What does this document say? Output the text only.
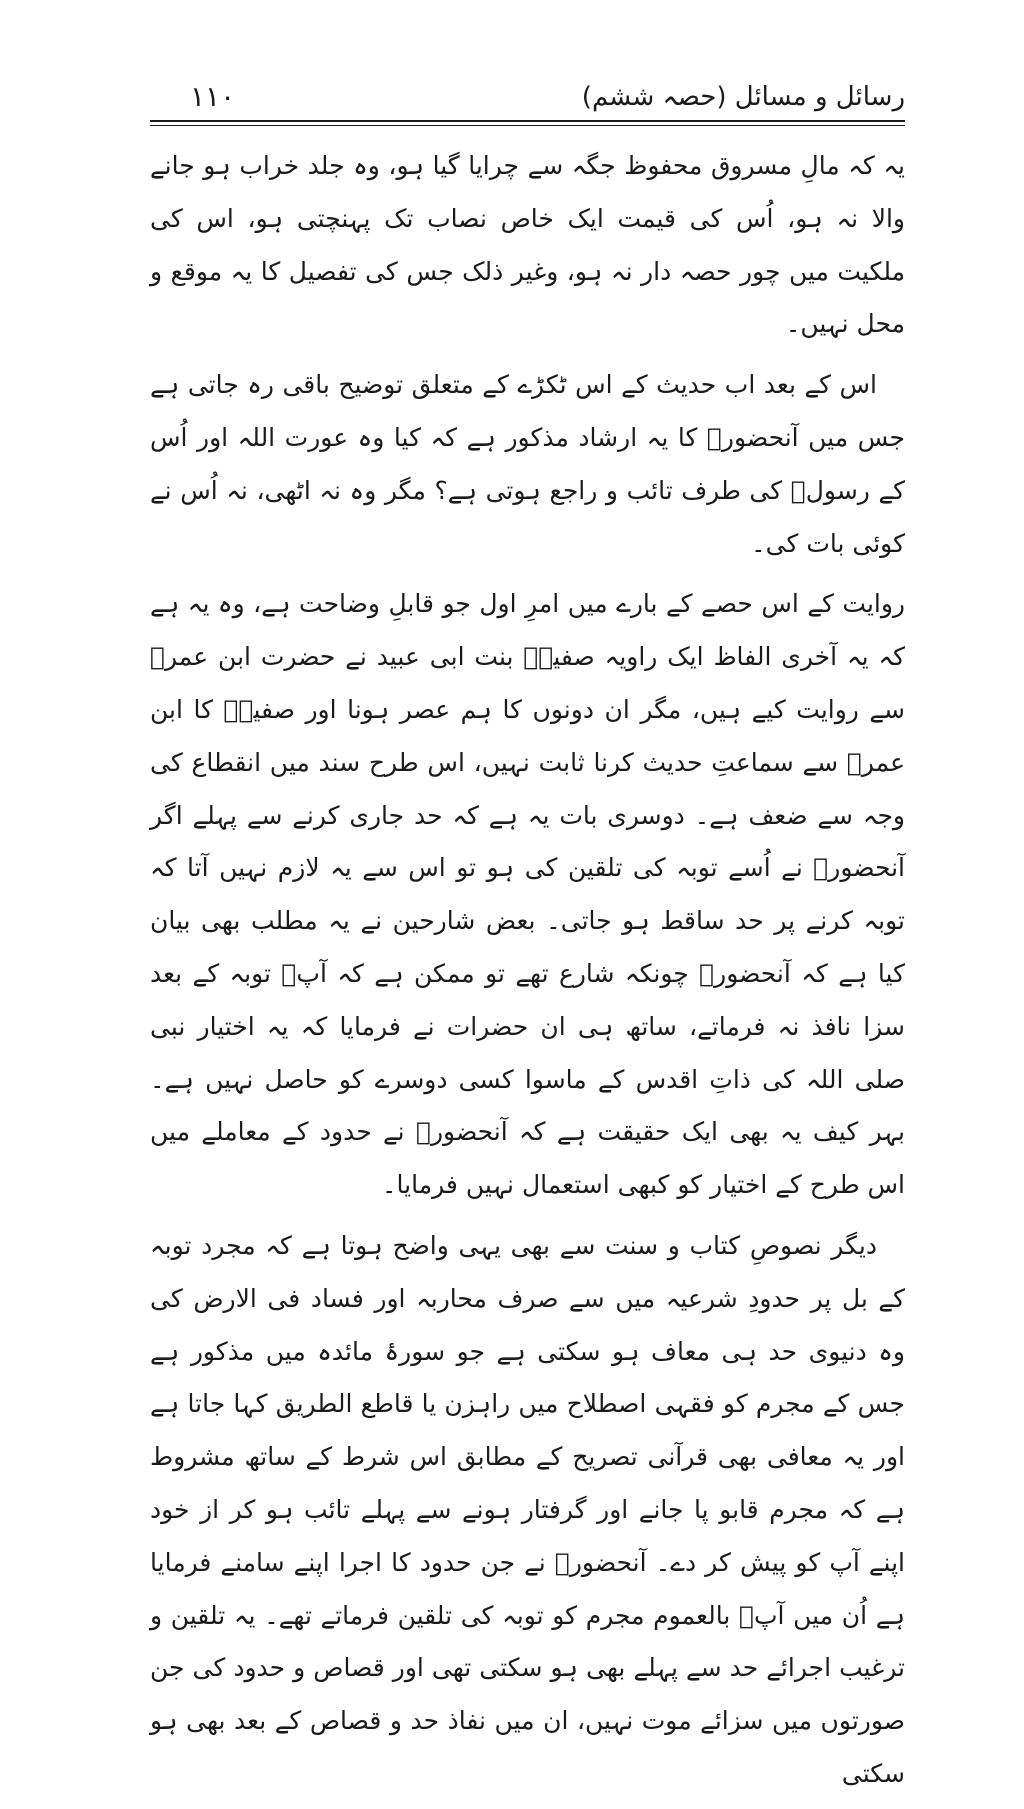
رسائل و مسائل (حصہ ششم)
۱۱۰

یہ کہ مالِ مسروق محفوظ جگہ سے چرایا گیا ہو، وہ جلد خراب ہو جانے والا نہ ہو، اُس کی قیمت ایک خاص نصاب تک پہنچتی ہو، اس کی ملکیت میں چور حصہ دار نہ ہو، وغیر ذلک جس کی تفصیل کا یہ موقع و محل نہیں۔

اس کے بعد اب حدیث کے اس ٹکڑے کے متعلق توضیح باقی رہ جاتی ہے جس میں آنحضورؐ کا یہ ارشاد مذکور ہے کہ کیا وہ عورت اللہ اور اُس کے رسولؐ کی طرف تائب و راجع ہوتی ہے؟ مگر وہ نہ اٹھی، نہ اُس نے کوئی بات کی۔

روایت کے اس حصے کے بارے میں امرِ اول جو قابلِ وضاحت ہے، وہ یہ ہے کہ یہ آخری الفاظ ایک راویہ صفیہؒ بنت ابی عبید نے حضرت ابن عمرؓ سے روایت کیے ہیں، مگر ان دونوں کا ہم عصر ہونا اور صفیہؒ کا ابن عمرؓ سے سماعتِ حدیث کرنا ثابت نہیں، اس طرح سند میں انقطاع کی وجہ سے ضعف ہے۔ دوسری بات یہ ہے کہ حد جاری کرنے سے پہلے اگر آنحضورؐ نے اُسے توبہ کی تلقین کی ہو تو اس سے یہ لازم نہیں آتا کہ توبہ کرنے پر حد ساقط ہو جاتی۔ بعض شارحین نے یہ مطلب بھی بیان کیا ہے کہ آنحضورؐ چونکہ شارع تھے تو ممکن ہے کہ آپؐ توبہ کے بعد سزا نافذ نہ فرماتے، ساتھ ہی ان حضرات نے فرمایا کہ یہ اختیار نبی صلی اللہ کی ذاتِ اقدس کے ماسوا کسی دوسرے کو حاصل نہیں ہے۔ بہر کیف یہ بھی ایک حقیقت ہے کہ آنحضورؐ نے حدود کے معاملے میں اس طرح کے اختیار کو کبھی استعمال نہیں فرمایا۔

دیگر نصوصِ کتاب و سنت سے بھی یہی واضح ہوتا ہے کہ مجرد توبہ کے بل پر حدودِ شرعیہ میں سے صرف محاربہ اور فساد فی الارض کی وہ دنیوی حد ہی معاف ہو سکتی ہے جو سورۂ مائدہ میں مذکور ہے جس کے مجرم کو فقہی اصطلاح میں راہزن یا قاطع الطریق کہا جاتا ہے اور یہ معافی بھی قرآنی تصریح کے مطابق اس شرط کے ساتھ مشروط ہے کہ مجرم قابو پا جانے اور گرفتار ہونے سے پہلے تائب ہو کر از خود اپنے آپ کو پیش کر دے۔ آنحضورؐ نے جن حدود کا اجرا اپنے سامنے فرمایا ہے اُن میں آپؐ بالعموم مجرم کو توبہ کی تلقین فرماتے تھے۔ یہ تلقین و ترغیب اجرائے حد سے پہلے بھی ہو سکتی تھی اور قصاص و حدود کی جن صورتوں میں سزائے موت نہیں، ان میں نفاذ حد و قصاص کے بعد بھی ہو سکتی
